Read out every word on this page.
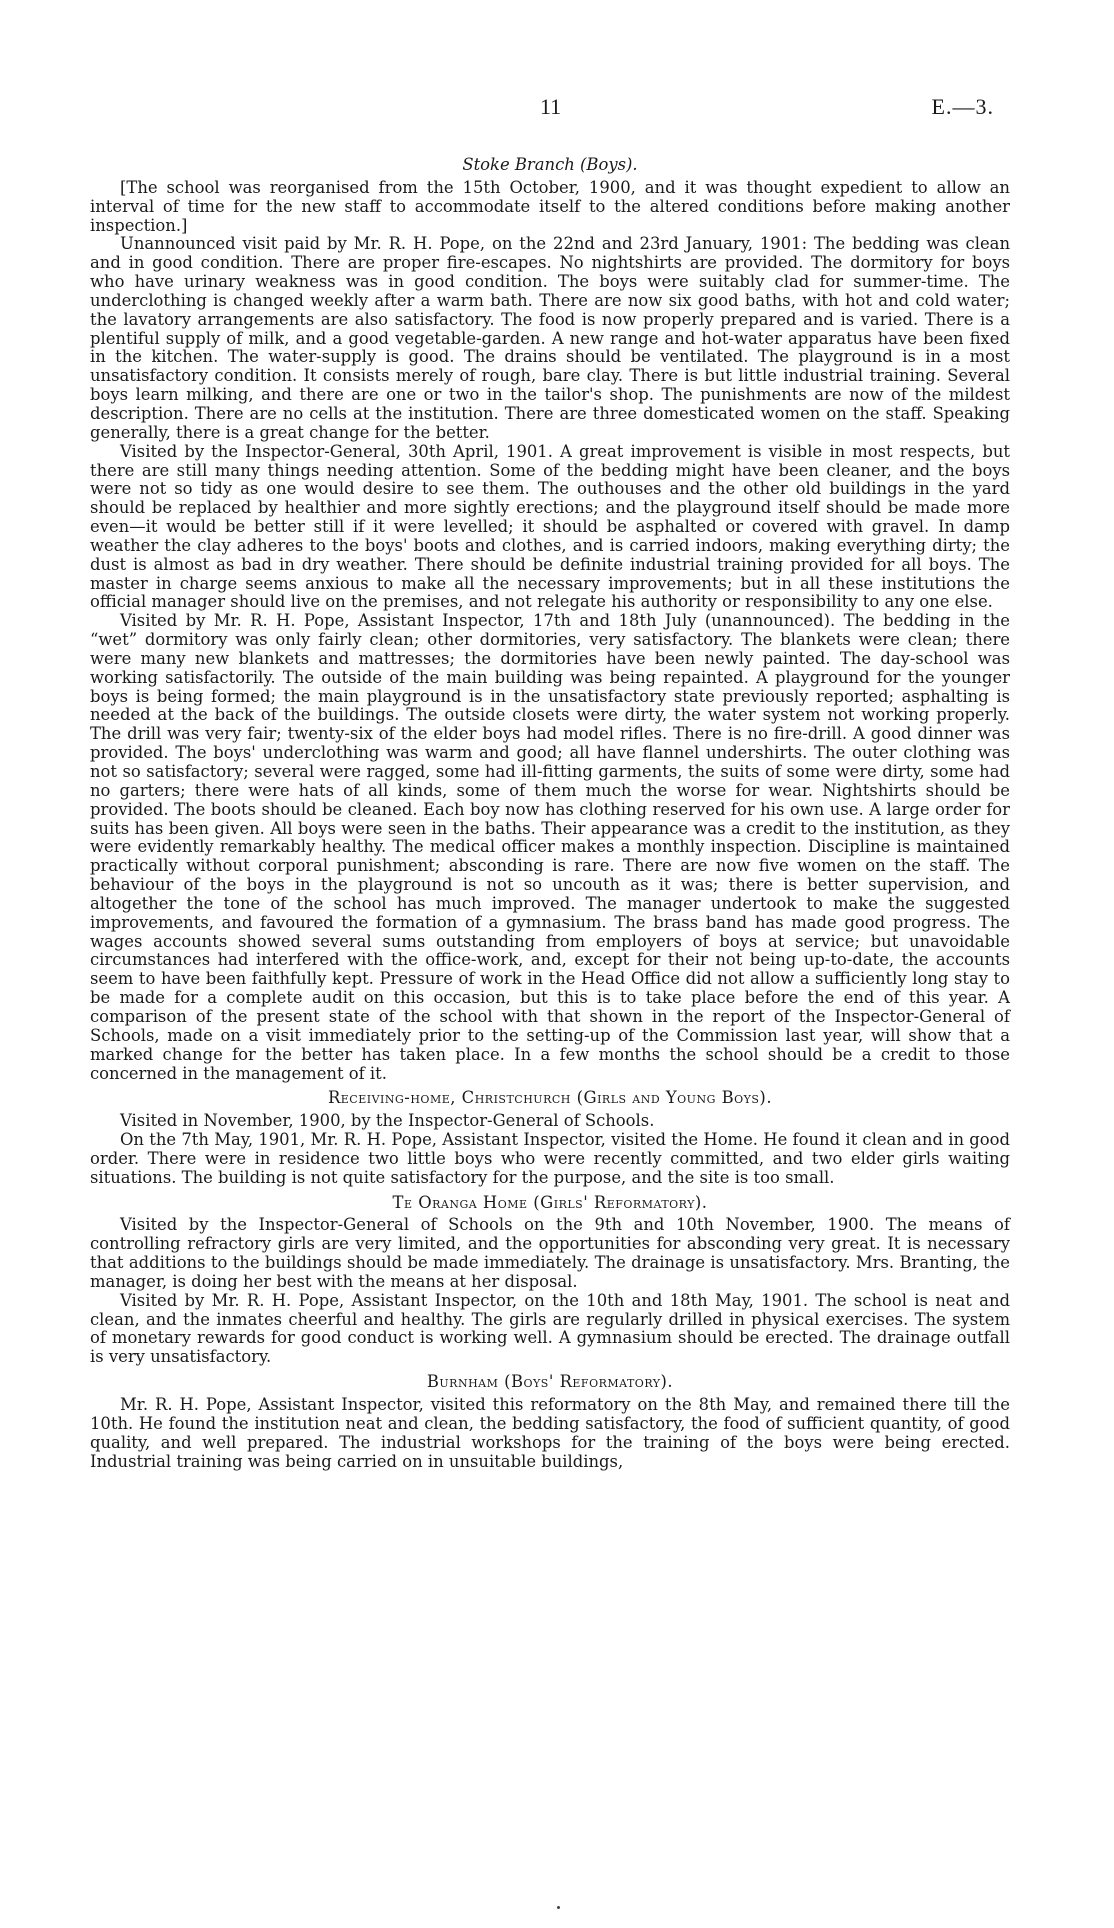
11	E.—3.
Stoke Branch (Boys).

[The school was reorganised from the 15th October, 1900, and it was thought expedient to allow an interval of time for the new staff to accommodate itself to the altered conditions before making another inspection.]

Unannounced visit paid by Mr. R. H. Pope, on the 22nd and 23rd January, 1901: The bedding was clean and in good condition. There are proper fire-escapes. No nightshirts are provided. The dormitory for boys who have urinary weakness was in good condition. The boys were suitably clad for summer-time. The underclothing is changed weekly after a warm bath. There are now six good baths, with hot and cold water; the lavatory arrangements are also satisfactory. The food is now properly prepared and is varied. There is a plentiful supply of milk, and a good vegetable-garden. A new range and hot-water apparatus have been fixed in the kitchen. The water-supply is good. The drains should be ventilated. The playground is in a most unsatisfactory condition. It consists merely of rough, bare clay. There is but little industrial training. Several boys learn milking, and there are one or two in the tailor's shop. The punishments are now of the mildest description. There are no cells at the institution. There are three domesticated women on the staff. Speaking generally, there is a great change for the better.

Visited by the Inspector-General, 30th April, 1901. A great improvement is visible in most respects, but there are still many things needing attention. Some of the bedding might have been cleaner, and the boys were not so tidy as one would desire to see them. The outhouses and the other old buildings in the yard should be replaced by healthier and more sightly erections; and the playground itself should be made more even—it would be better still if it were levelled; it should be asphalted or covered with gravel. In damp weather the clay adheres to the boys' boots and clothes, and is carried indoors, making everything dirty; the dust is almost as bad in dry weather. There should be definite industrial training provided for all boys. The master in charge seems anxious to make all the necessary improvements; but in all these institutions the official manager should live on the premises, and not relegate his authority or responsibility to any one else.

Visited by Mr. R. H. Pope, Assistant Inspector, 17th and 18th July (unannounced). The bedding in the “wet” dormitory was only fairly clean; other dormitories, very satisfactory. The blankets were clean; there were many new blankets and mattresses; the dormitories have been newly painted. The day-school was working satisfactorily. The outside of the main building was being repainted. A playground for the younger boys is being formed; the main playground is in the unsatisfactory state previously reported; asphalting is needed at the back of the buildings. The outside closets were dirty, the water system not working properly. The drill was very fair; twenty-six of the elder boys had model rifles. There is no fire-drill. A good dinner was provided. The boys' underclothing was warm and good; all have flannel undershirts. The outer clothing was not so satisfactory; several were ragged, some had ill-fitting garments, the suits of some were dirty, some had no garters; there were hats of all kinds, some of them much the worse for wear. Nightshirts should be provided. The boots should be cleaned. Each boy now has clothing reserved for his own use. A large order for suits has been given. All boys were seen in the baths. Their appearance was a credit to the institution, as they were evidently remarkably healthy. The medical officer makes a monthly inspection. Discipline is maintained practically without corporal punishment; absconding is rare. There are now five women on the staff. The behaviour of the boys in the playground is not so uncouth as it was; there is better supervision, and altogether the tone of the school has much improved. The manager undertook to make the suggested improvements, and favoured the formation of a gymnasium. The brass band has made good progress. The wages accounts showed several sums outstanding from employers of boys at service; but unavoidable circumstances had interfered with the office-work, and, except for their not being up-to-date, the accounts seem to have been faithfully kept. Pressure of work in the Head Office did not allow a sufficiently long stay to be made for a complete audit on this occasion, but this is to take place before the end of this year. A comparison of the present state of the school with that shown in the report of the Inspector-General of Schools, made on a visit immediately prior to the setting-up of the Commission last year, will show that a marked change for the better has taken place. In a few months the school should be a credit to those concerned in the management of it.

Receiving-home, Christchurch (Girls and Young Boys).

Visited in November, 1900, by the Inspector-General of Schools.

On the 7th May, 1901, Mr. R. H. Pope, Assistant Inspector, visited the Home. He found it clean and in good order. There were in residence two little boys who were recently committed, and two elder girls waiting situations. The building is not quite satisfactory for the purpose, and the site is too small.

Te Oranga Home (Girls' Reformatory).

Visited by the Inspector-General of Schools on the 9th and 10th November, 1900. The means of controlling refractory girls are very limited, and the opportunities for absconding very great. It is necessary that additions to the buildings should be made immediately. The drainage is unsatisfactory. Mrs. Branting, the manager, is doing her best with the means at her disposal.

Visited by Mr. R. H. Pope, Assistant Inspector, on the 10th and 18th May, 1901. The school is neat and clean, and the inmates cheerful and healthy. The girls are regularly drilled in physical exercises. The system of monetary rewards for good conduct is working well. A gymnasium should be erected. The drainage outfall is very unsatisfactory.

Burnham (Boys' Reformatory).

Mr. R. H. Pope, Assistant Inspector, visited this reformatory on the 8th May, and remained there till the 10th. He found the institution neat and clean, the bedding satisfactory, the food of sufficient quantity, of good quality, and well prepared. The industrial workshops for the training of the boys were being erected. Industrial training was being carried on in unsuitable buildings,
